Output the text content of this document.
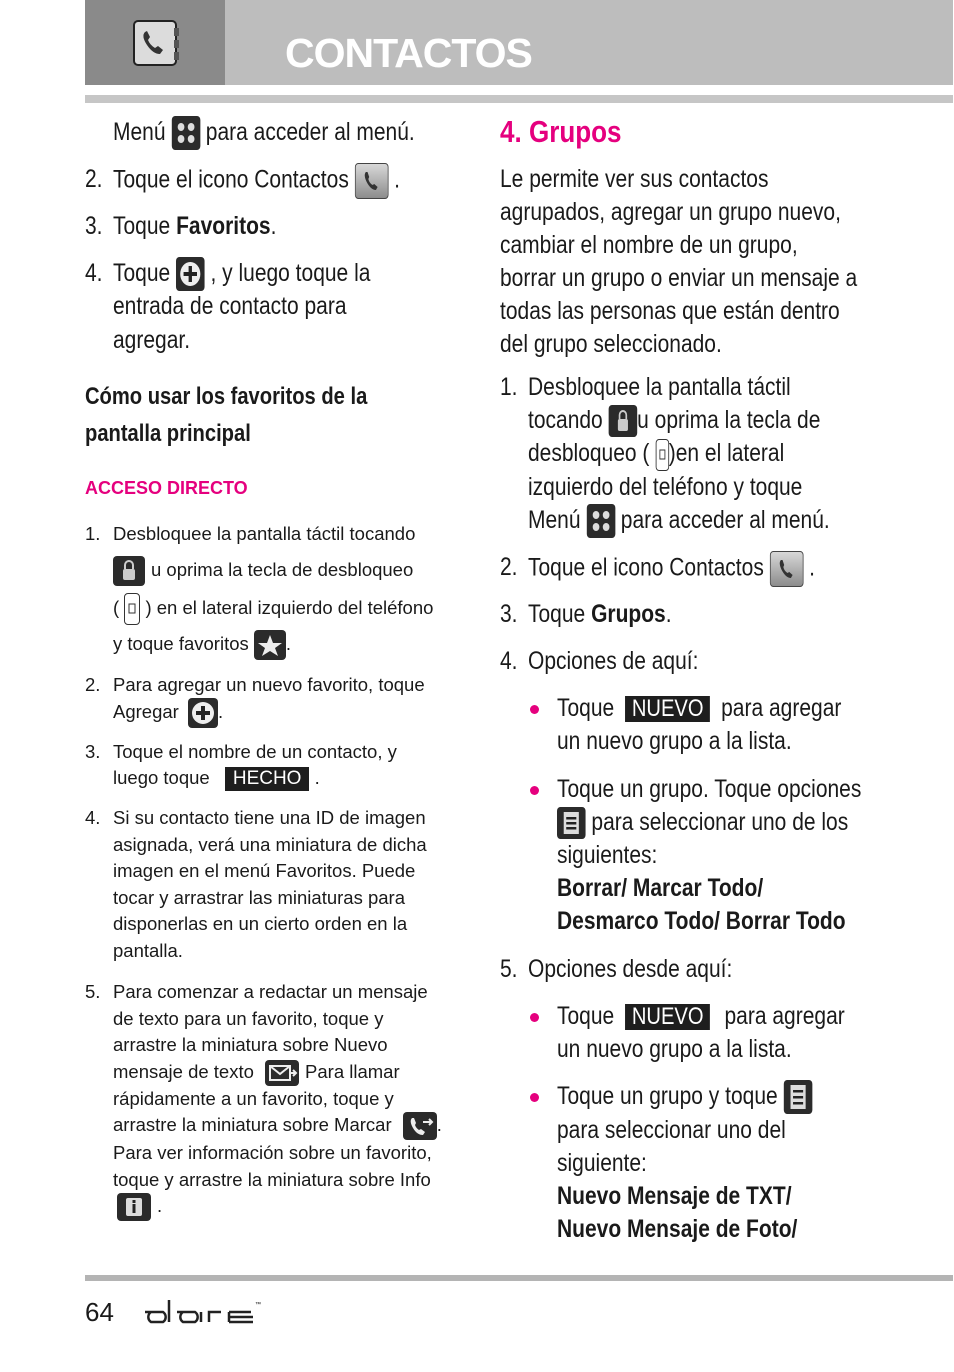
CONTACTOS
Menú para acceder al menú.
2. Toque el icono Contactos .
3. Toque Favoritos.
4. Toque , y luego toque la
entrada de contacto para
agregar.
Cómo usar los favoritos de la
pantalla principal
ACCESO DIRECTO
1. Desbloquee la pantalla táctil tocando
u oprima la tecla de desbloqueo
( ) en el lateral izquierdo del teléfono
y toque favoritos .
2. Para agregar un nuevo favorito, toque
Agregar .
3. Toque el nombre de un contacto, y
luego toque HECHO .
4. Si su contacto tiene una ID de imagen
asignada, verá una miniatura de dicha
imagen en el menú Favoritos. Puede
tocar y arrastrar las miniaturas para
disponerlas en un cierto orden en la
pantalla.
5. Para comenzar a redactar un mensaje
de texto para un favorito, toque y
arrastre la miniatura sobre Nuevo
mensaje de texto	Para llamar
rápidamente a un favorito, toque y
arrastre la miniatura sobre Marcar .
Para ver información sobre un favorito,
toque y arrastre la miniatura sobre Info
.
4. Grupos
Le permite ver sus contactos
agrupados, agregar un grupo nuevo,
cambiar el nombre de un grupo,
borrar un grupo o enviar un mensaje a
todas las personas que están dentro
del grupo seleccionado.
1. Desbloquee la pantalla táctil
tocando u oprima la tecla de
desbloqueo ( )en el lateral
izquierdo del teléfono y toque
Menú para acceder al menú.
2. Toque el icono Contactos .
3. Toque Grupos.
4. Opciones de aquí:
Toque NUEVO para agregar
un nuevo grupo a la lista.
Toque un grupo. Toque opciones
para seleccionar uno de los
siguientes:
Borrar/ Marcar Todo/
Desmarco Todo/ Borrar Todo
5. Opciones desde aquí:
Toque NUEVO para agregar
un nuevo grupo a la lista.
Toque un grupo y toque
para seleccionar uno del
siguiente:
Nuevo Mensaje de TXT/
Nuevo Mensaje de Foto/
64	™
